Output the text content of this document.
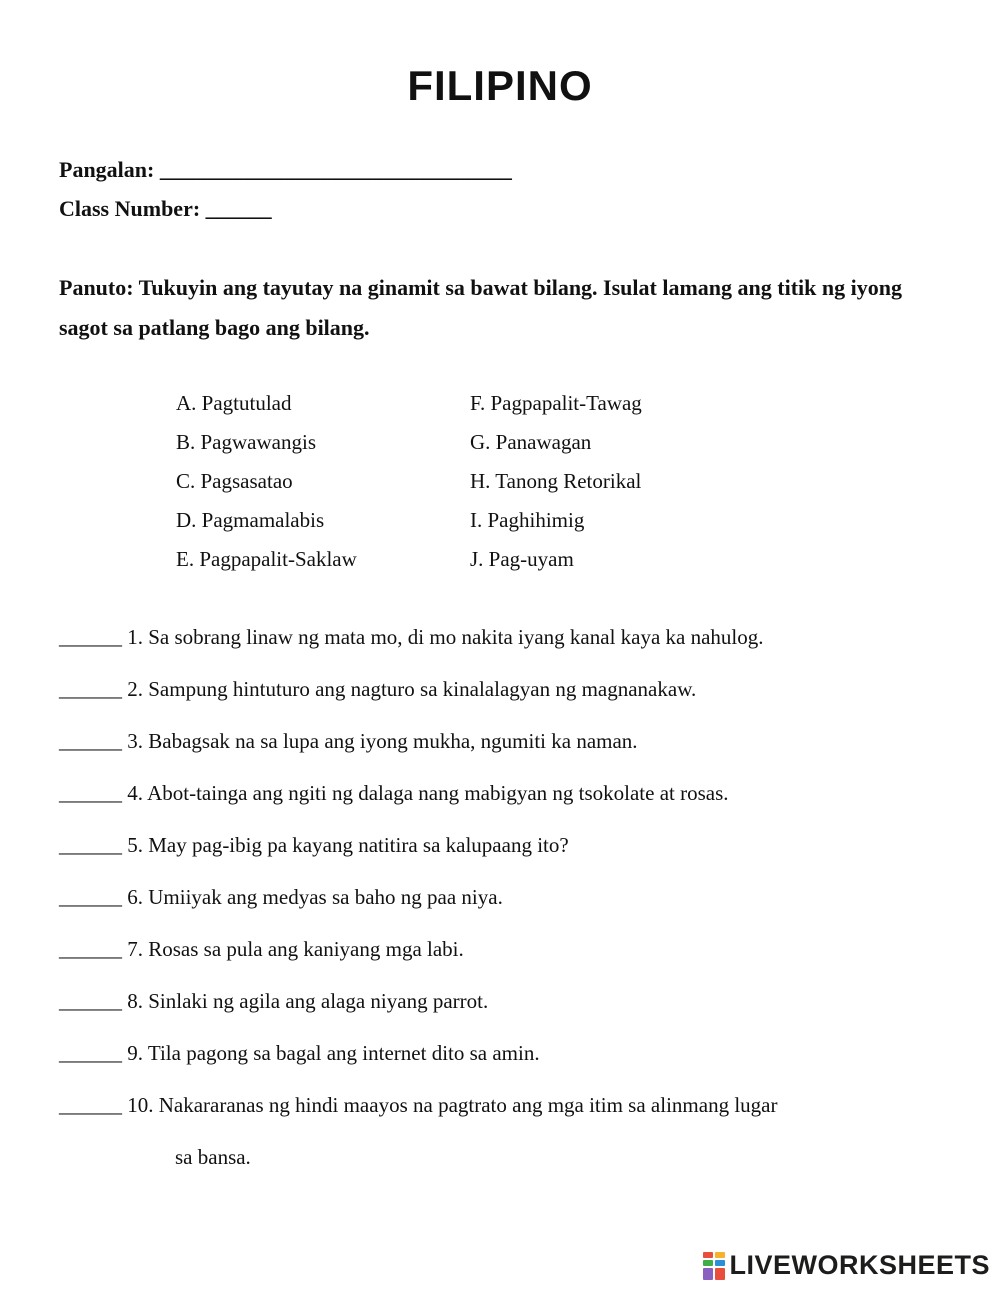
FILIPINO
Pangalan: ________________________________
Class Number: ______
Panuto: Tukuyin ang tayutay na ginamit sa bawat bilang. Isulat lamang ang titik ng iyong sagot sa patlang bago ang bilang.
A. Pagtutulad	F. Pagpapalit-Tawag
B. Pagwawangis	G. Panawagan
C. Pagsasatao	H. Tanong Retorikal
D. Pagmamalabis	I. Paghihimig
E. Pagpapalit-Saklaw	J. Pag-uyam
______
1. Sa sobrang linaw ng mata mo, di mo nakita iyang kanal kaya ka nahulog.
______
2. Sampung hintuturo ang nagturo sa kinalalagyan ng magnanakaw.
______
3. Babagsak na sa lupa ang iyong mukha, ngumiti ka naman.
______
4. Abot-tainga ang ngiti ng dalaga nang mabigyan ng tsokolate at rosas.
______
5. May pag-ibig pa kayang natitira sa kalupaang ito?
______
6. Umiiyak ang medyas sa baho ng paa niya.
______
7. Rosas sa pula ang kaniyang mga labi.
______
8. Sinlaki ng agila ang alaga niyang parrot.
______
9. Tila pagong sa bagal ang internet dito sa amin.
______ 10. Nakararanas ng hindi maayos na pagtrato ang mga itim sa alinmang lugar
sa bansa.
LIVEWORKSHEETS
